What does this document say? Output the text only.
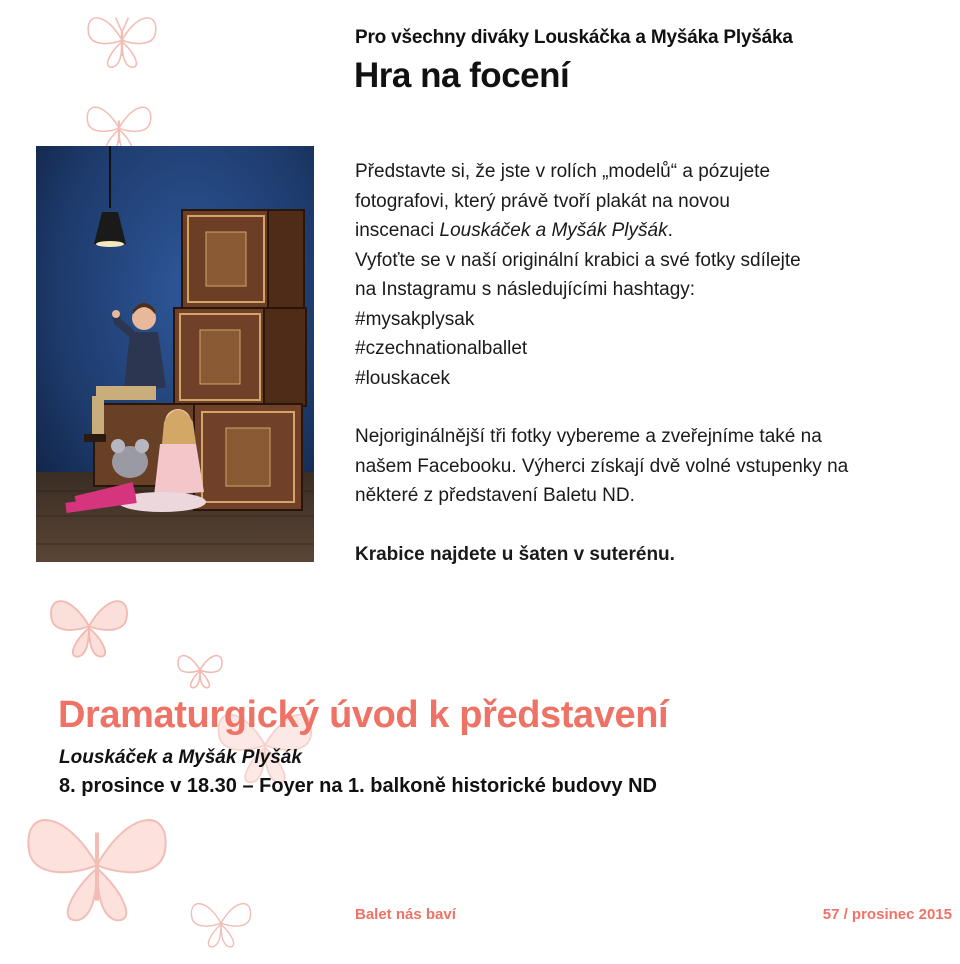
Pro všechny diváky Louskáčka a Myšáka Plyšáka
Hra na focení

Představte si, že jste v rolích „modelů“ a pózujete
fotografovi, který právě tvoří plakát na novou
inscenaci Louskáček a Myšák Plyšák.
Vyfoťte se v naší originální krabici a své fotky sdílejte
na Instagramu s následujícími hashtagy:
#mysakplysak
#czechnationalballet
#louskacek

Nejoriginálnější tři fotky vybereme a zveřejníme také na
našem Facebooku. Výherci získají dvě volné vstupenky na
některé z představení Baletu ND.

Krabice najdete u šaten v suterénu.

Dramaturgický úvod k představení
Louskáček a Myšák Plyšák
8. prosince v 18.30 – Foyer na 1. balkoně historické budovy ND
Balet nás baví	57 / prosinec 2015
